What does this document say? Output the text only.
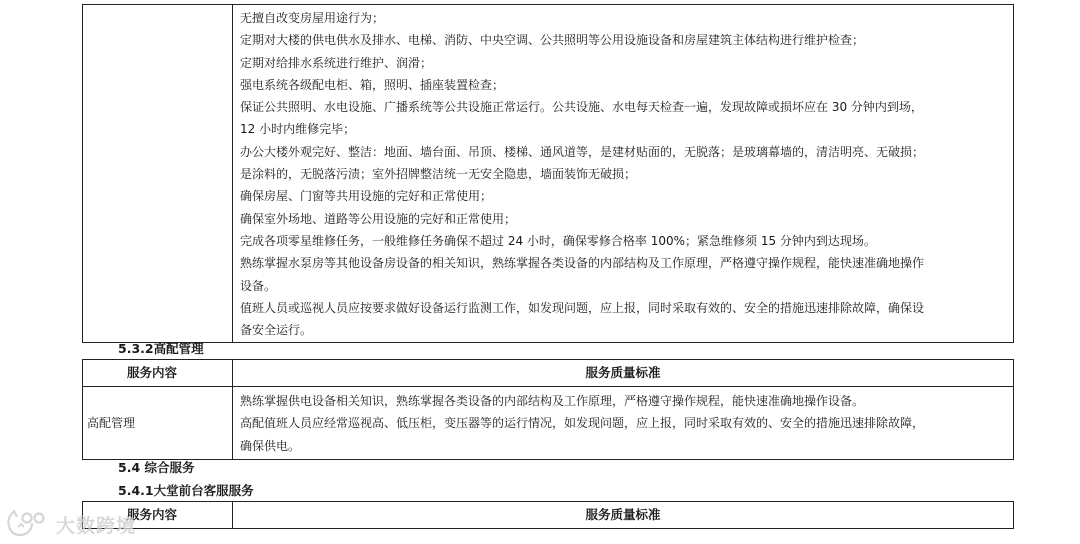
无擅自改变房屋用途行为；
定期对大楼的供电供水及排水、电梯、消防、中央空调、公共照明等公用设施设备和房屋建筑主体结构进行维护检查；
定期对给排水系统进行维护、润滑；
强电系统各级配电柜、箱，照明、插座装置检查；
保证公共照明、水电设施、广播系统等公共设施正常运行。公共设施、水电每天检查一遍，发现故障或损坏应在 30 分钟内到场，
12 小时内维修完毕；
办公大楼外观完好、整洁：地面、墙台面、吊顶、楼梯、通风道等，是建材贴面的，无脱落；是玻璃幕墙的，清洁明亮、无破损；
是涂料的，无脱落污渍；室外招牌整洁统一无安全隐患，墙面装饰无破损；
确保房屋、门窗等共用设施的完好和正常使用；
确保室外场地、道路等公用设施的完好和正常使用；
完成各项零星维修任务，一般维修任务确保不超过 24 小时，确保零修合格率 100%；紧急维修须 15 分钟内到达现场。
熟练掌握水泵房等其他设备房设备的相关知识，熟练掌握各类设备的内部结构及工作原理，严格遵守操作规程，能快速准确地操作
设备。
值班人员或巡视人员应按要求做好设备运行监测工作，如发现问题，应上报，同时采取有效的、安全的措施迅速排除故障，确保设
备安全运行。
5.3.2高配管理
服务内容	服务质量标准
高配管理	熟练掌握供电设备相关知识，熟练掌握各类设备的内部结构及工作原理，严格遵守操作规程，能快速准确地操作设备。
高配值班人员应经常巡视高、低压柜，变压器等的运行情况，如发现问题，应上报，同时采取有效的、安全的措施迅速排除故障，
确保供电。
5.4 综合服务
5.4.1大堂前台客服服务
服务内容	服务质量标准
大数跨境
